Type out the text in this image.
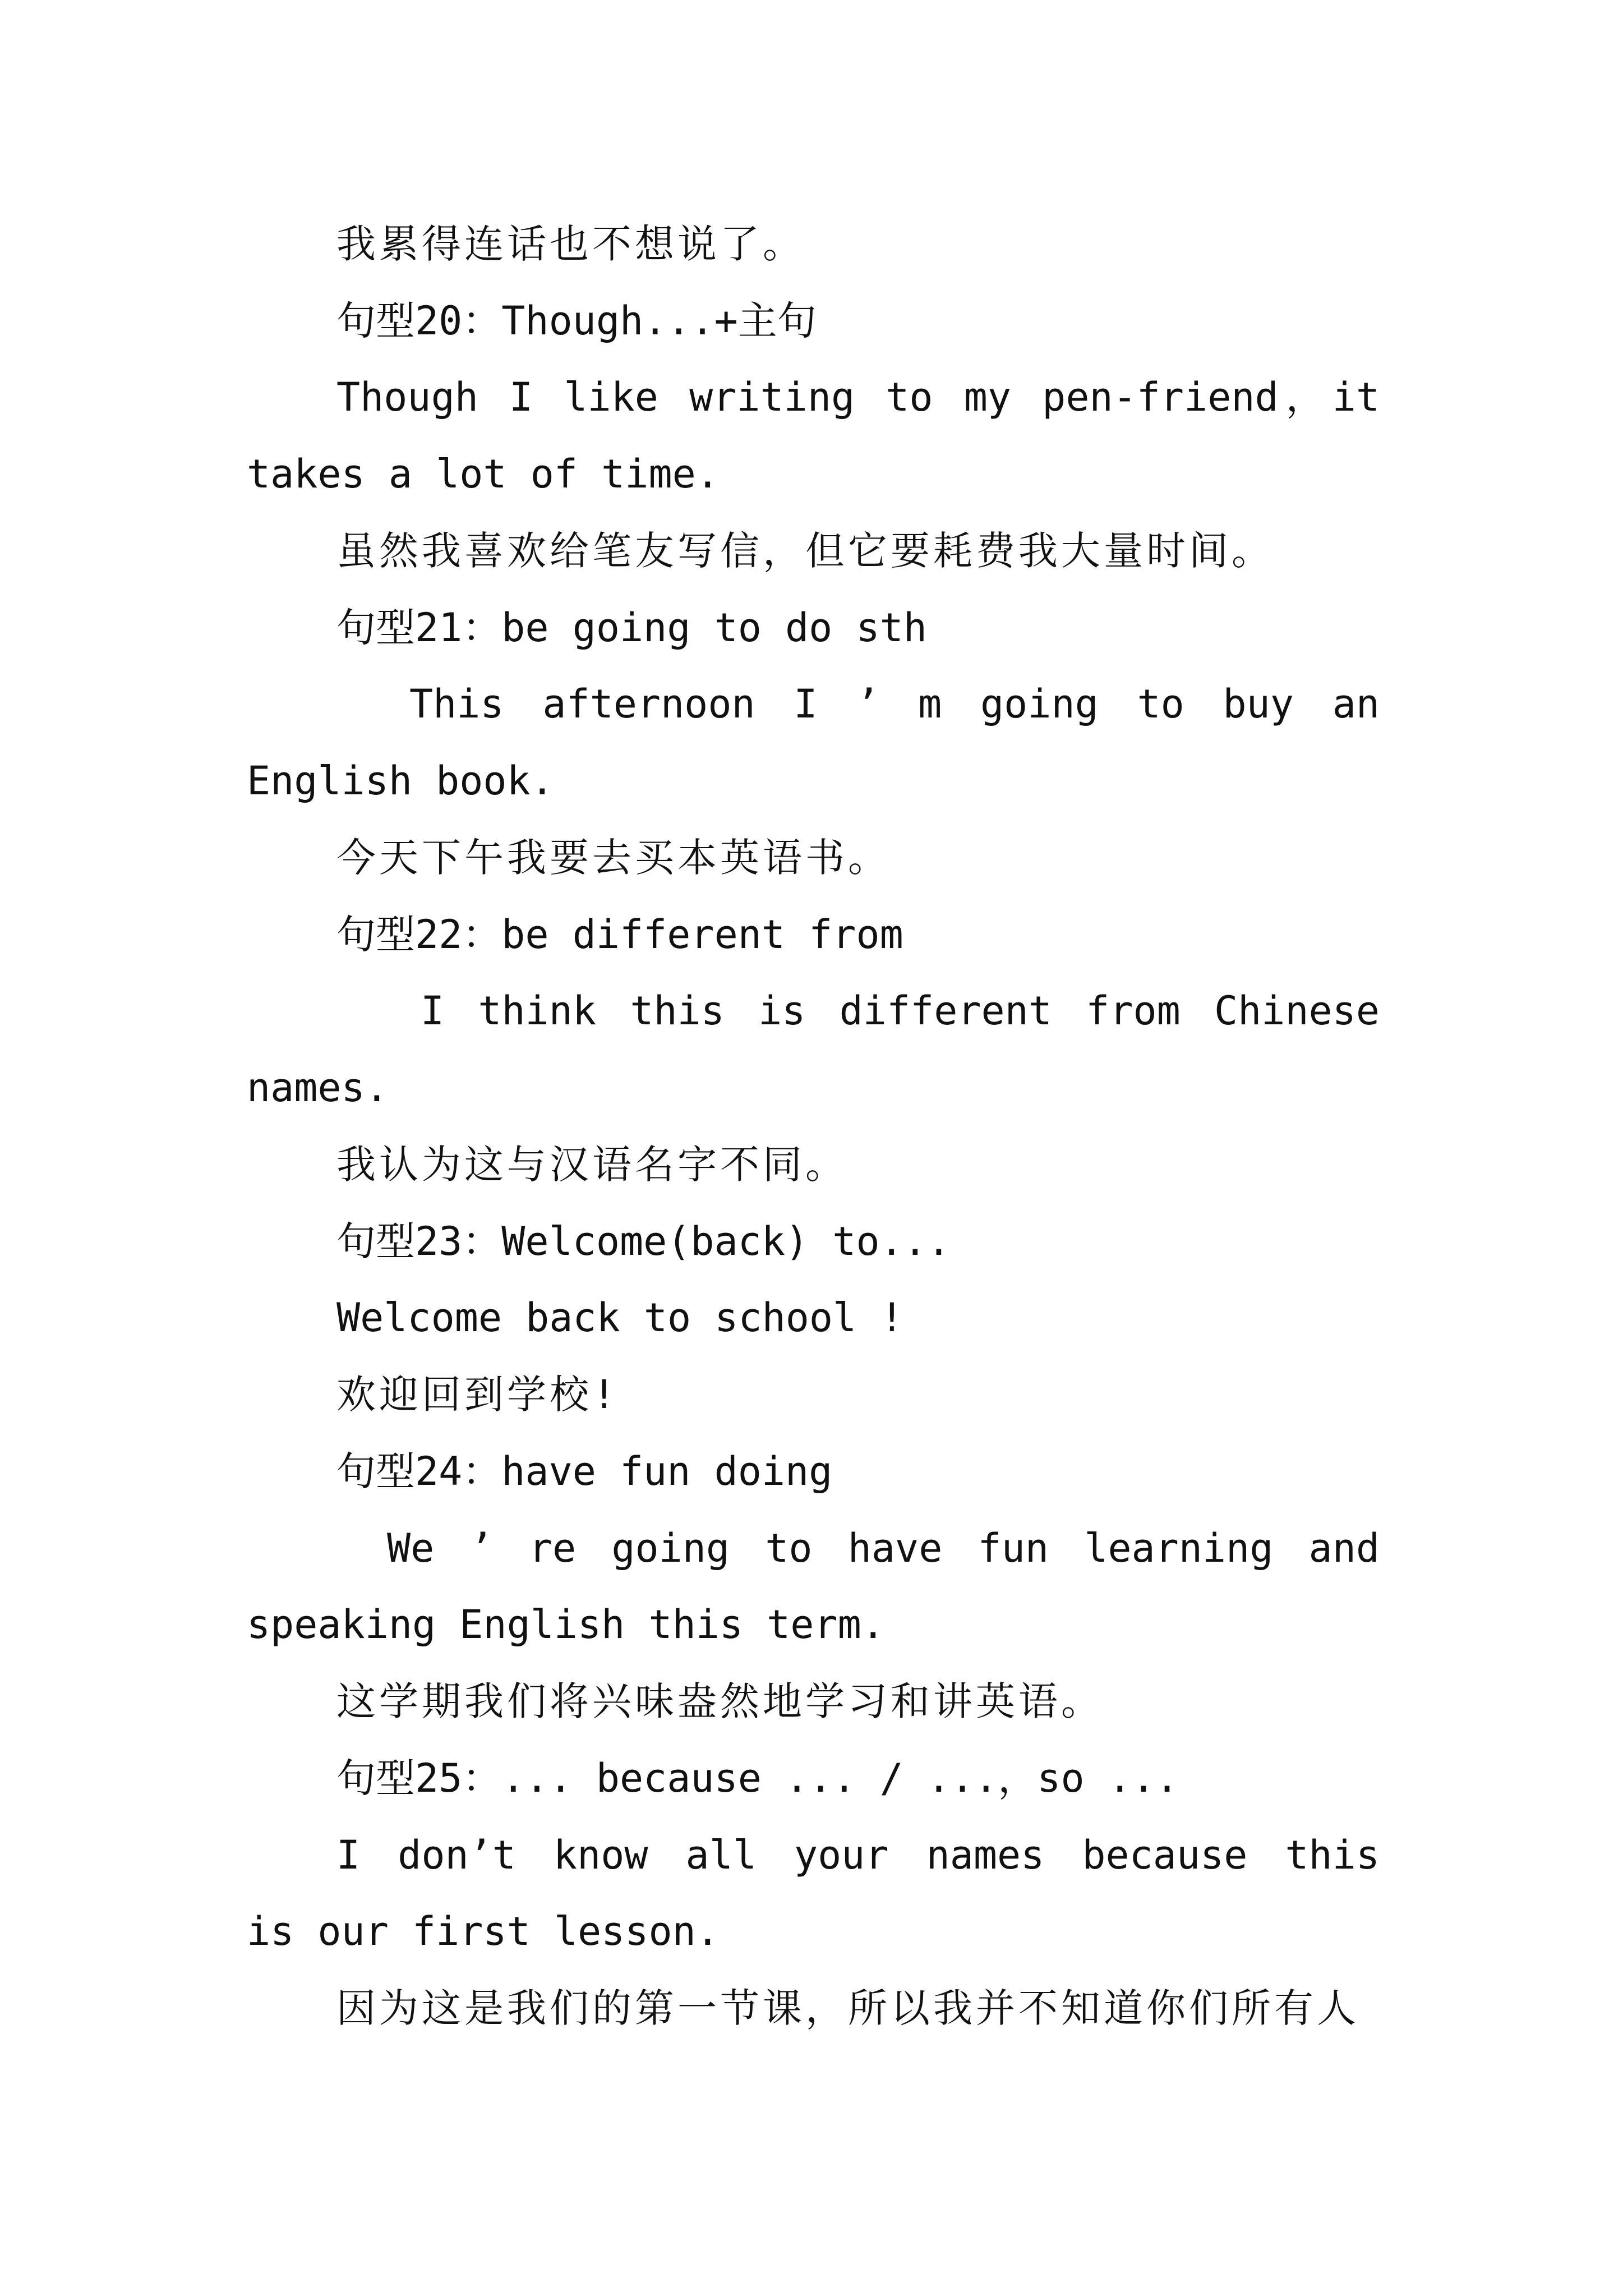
我累得连话也不想说了。
句型20：Though...+主句
Though I like writing to my pen-friend，it
takes a lot of time.
虽然我喜欢给笔友写信，但它要耗费我大量时间。
句型21：be going to do sth
This afternoon I ’ m going to buy an
English book.
今天下午我要去买本英语书。
句型22：be different from
I think this is different from Chinese
names.
我认为这与汉语名字不同。
句型23：Welcome(back) to...
Welcome back to school !
欢迎回到学校!
句型24：have fun doing
We ’ re going to have fun learning and
speaking English this term.
这学期我们将兴味盎然地学习和讲英语。
句型25：... because ... / ...，so ...
I don’t know all your names because this
is our first lesson.
因为这是我们的第一节课，所以我并不知道你们所有人
